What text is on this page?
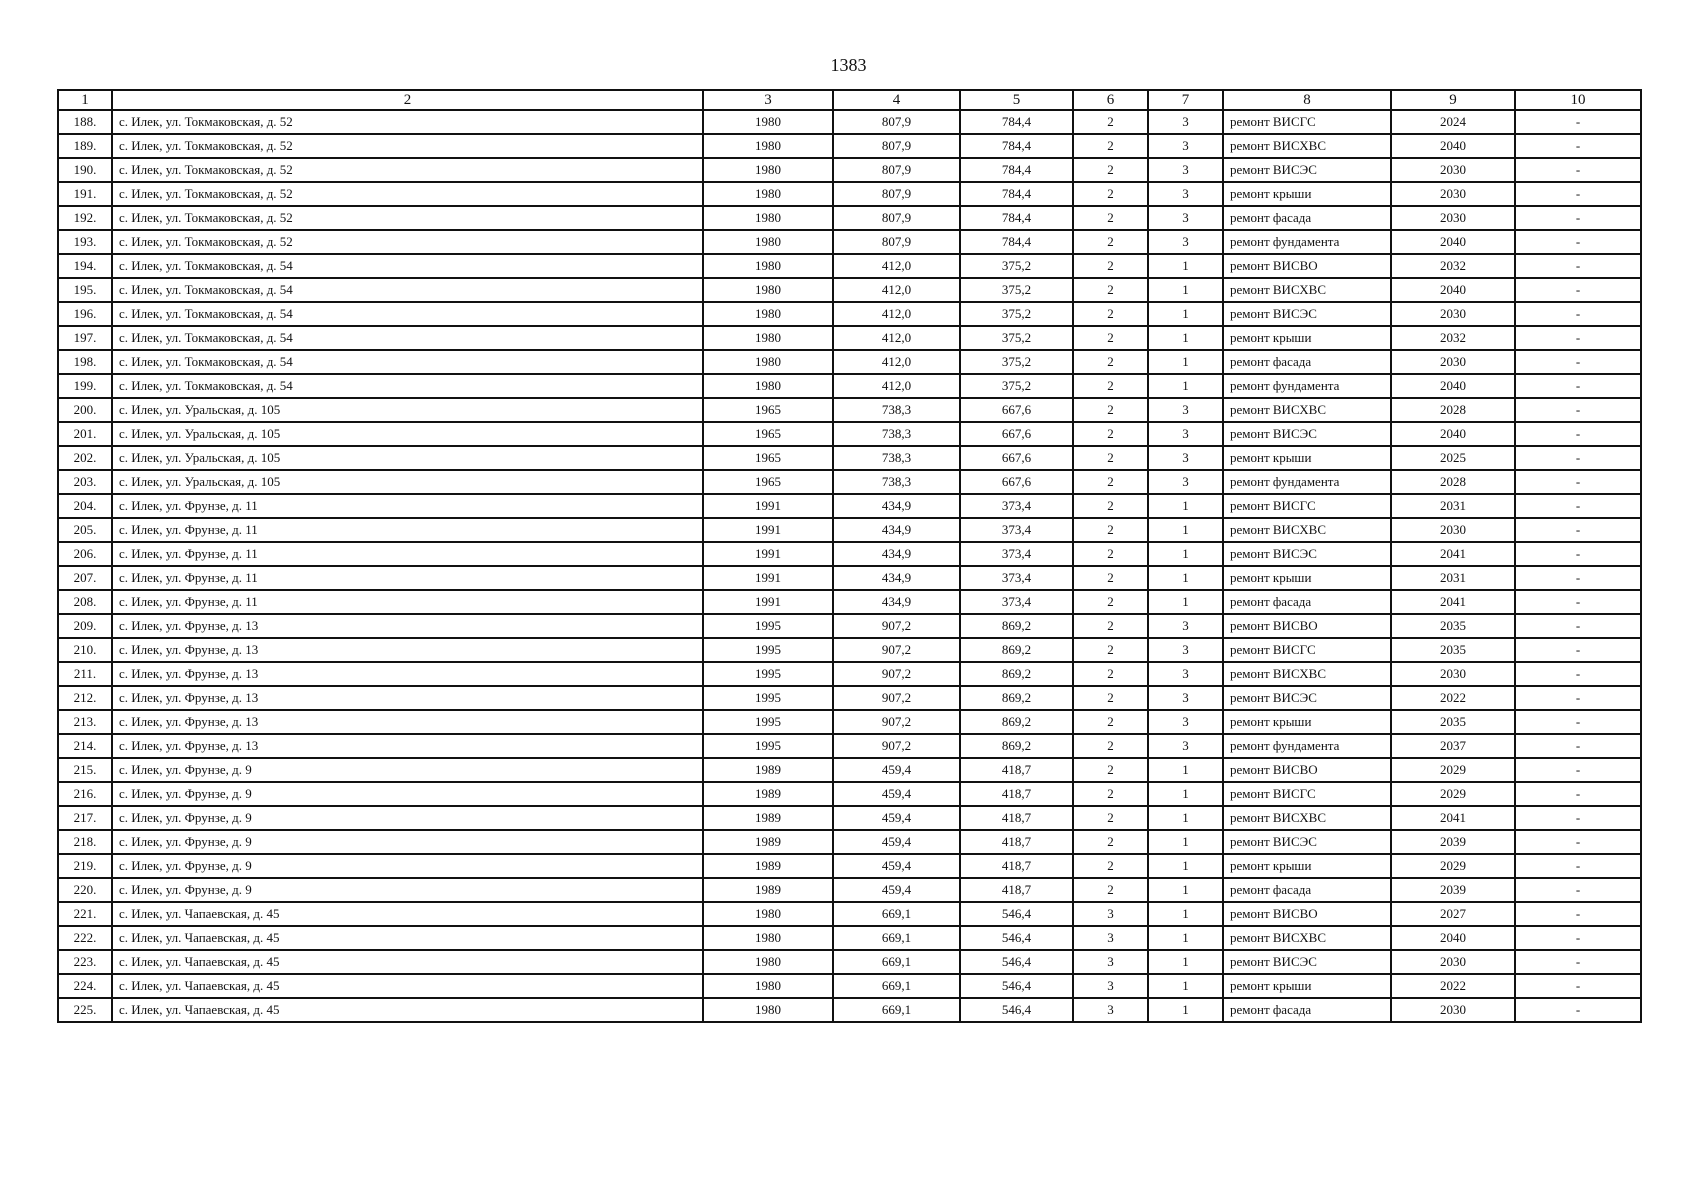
1383
1	2	3	4	5	6	7	8	9	10
188.	с. Илек, ул. Токмаковская, д. 52	1980	807,9	784,4	2	3	ремонт ВИСГС	2024	-
189.	с. Илек, ул. Токмаковская, д. 52	1980	807,9	784,4	2	3	ремонт ВИСХВС	2040	-
190.	с. Илек, ул. Токмаковская, д. 52	1980	807,9	784,4	2	3	ремонт ВИСЭС	2030	-
191.	с. Илек, ул. Токмаковская, д. 52	1980	807,9	784,4	2	3	ремонт крыши	2030	-
192.	с. Илек, ул. Токмаковская, д. 52	1980	807,9	784,4	2	3	ремонт фасада	2030	-
193.	с. Илек, ул. Токмаковская, д. 52	1980	807,9	784,4	2	3	ремонт фундамента	2040	-
194.	с. Илек, ул. Токмаковская, д. 54	1980	412,0	375,2	2	1	ремонт ВИСВО	2032	-
195.	с. Илек, ул. Токмаковская, д. 54	1980	412,0	375,2	2	1	ремонт ВИСХВС	2040	-
196.	с. Илек, ул. Токмаковская, д. 54	1980	412,0	375,2	2	1	ремонт ВИСЭС	2030	-
197.	с. Илек, ул. Токмаковская, д. 54	1980	412,0	375,2	2	1	ремонт крыши	2032	-
198.	с. Илек, ул. Токмаковская, д. 54	1980	412,0	375,2	2	1	ремонт фасада	2030	-
199.	с. Илек, ул. Токмаковская, д. 54	1980	412,0	375,2	2	1	ремонт фундамента	2040	-
200.	с. Илек, ул. Уральская, д. 105	1965	738,3	667,6	2	3	ремонт ВИСХВС	2028	-
201.	с. Илек, ул. Уральская, д. 105	1965	738,3	667,6	2	3	ремонт ВИСЭС	2040	-
202.	с. Илек, ул. Уральская, д. 105	1965	738,3	667,6	2	3	ремонт крыши	2025	-
203.	с. Илек, ул. Уральская, д. 105	1965	738,3	667,6	2	3	ремонт фундамента	2028	-
204.	с. Илек, ул. Фрунзе, д. 11	1991	434,9	373,4	2	1	ремонт ВИСГС	2031	-
205.	с. Илек, ул. Фрунзе, д. 11	1991	434,9	373,4	2	1	ремонт ВИСХВС	2030	-
206.	с. Илек, ул. Фрунзе, д. 11	1991	434,9	373,4	2	1	ремонт ВИСЭС	2041	-
207.	с. Илек, ул. Фрунзе, д. 11	1991	434,9	373,4	2	1	ремонт крыши	2031	-
208.	с. Илек, ул. Фрунзе, д. 11	1991	434,9	373,4	2	1	ремонт фасада	2041	-
209.	с. Илек, ул. Фрунзе, д. 13	1995	907,2	869,2	2	3	ремонт ВИСВО	2035	-
210.	с. Илек, ул. Фрунзе, д. 13	1995	907,2	869,2	2	3	ремонт ВИСГС	2035	-
211.	с. Илек, ул. Фрунзе, д. 13	1995	907,2	869,2	2	3	ремонт ВИСХВС	2030	-
212.	с. Илек, ул. Фрунзе, д. 13	1995	907,2	869,2	2	3	ремонт ВИСЭС	2022	-
213.	с. Илек, ул. Фрунзе, д. 13	1995	907,2	869,2	2	3	ремонт крыши	2035	-
214.	с. Илек, ул. Фрунзе, д. 13	1995	907,2	869,2	2	3	ремонт фундамента	2037	-
215.	с. Илек, ул. Фрунзе, д. 9	1989	459,4	418,7	2	1	ремонт ВИСВО	2029	-
216.	с. Илек, ул. Фрунзе, д. 9	1989	459,4	418,7	2	1	ремонт ВИСГС	2029	-
217.	с. Илек, ул. Фрунзе, д. 9	1989	459,4	418,7	2	1	ремонт ВИСХВС	2041	-
218.	с. Илек, ул. Фрунзе, д. 9	1989	459,4	418,7	2	1	ремонт ВИСЭС	2039	-
219.	с. Илек, ул. Фрунзе, д. 9	1989	459,4	418,7	2	1	ремонт крыши	2029	-
220.	с. Илек, ул. Фрунзе, д. 9	1989	459,4	418,7	2	1	ремонт фасада	2039	-
221.	с. Илек, ул. Чапаевская, д. 45	1980	669,1	546,4	3	1	ремонт ВИСВО	2027	-
222.	с. Илек, ул. Чапаевская, д. 45	1980	669,1	546,4	3	1	ремонт ВИСХВС	2040	-
223.	с. Илек, ул. Чапаевская, д. 45	1980	669,1	546,4	3	1	ремонт ВИСЭС	2030	-
224.	с. Илек, ул. Чапаевская, д. 45	1980	669,1	546,4	3	1	ремонт крыши	2022	-
225.	с. Илек, ул. Чапаевская, д. 45	1980	669,1	546,4	3	1	ремонт фасада	2030	-
